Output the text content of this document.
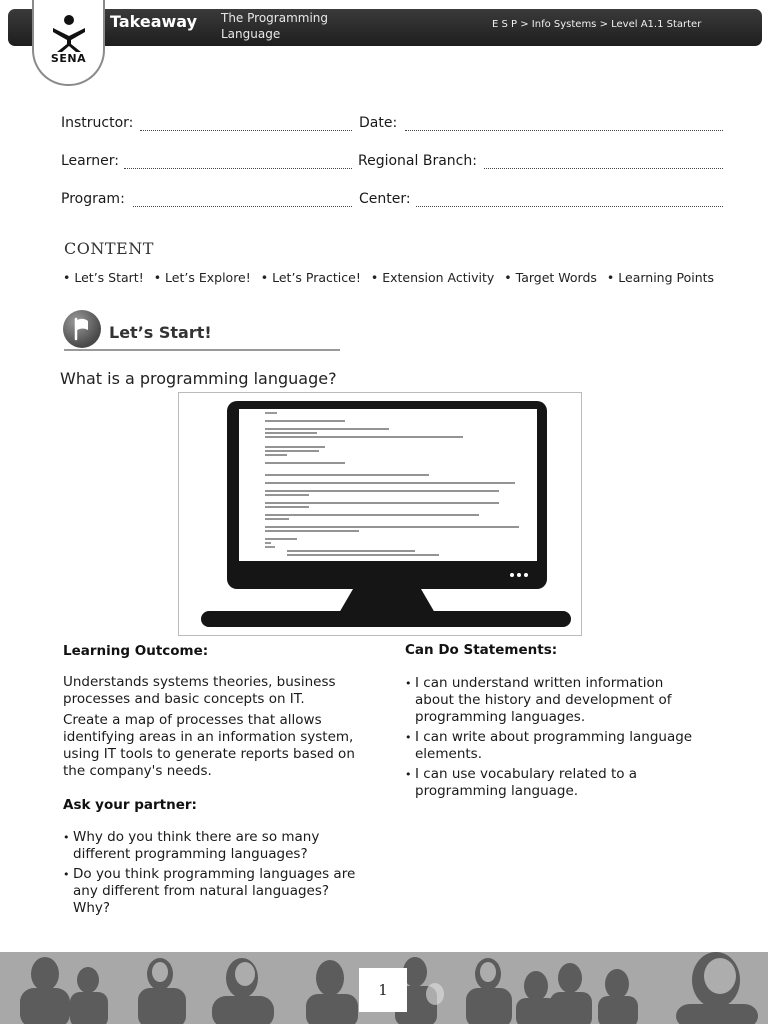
SENA
Takeaway The Programming Language
E S P > Info Systems > Level A1.1 Starter
Instructor:	Date:
Learner:	Regional Branch:
Program:	Center:
CONTENT
• Let’s Start! • Let’s Explore! • Let’s Practice! • Extension Activity • Target Words • Learning Points
Let’s Start!
What is a programming language?
Learning Outcome:
Understands systems theories, business processes and basic concepts on IT.
Create a map of processes that allows identifying areas in an information system, using IT tools to generate reports based on the company's needs.
Ask your partner:
• Why do you think there are so many different programming languages?
• Do you think programming languages are any different from natural languages? Why?
Can Do Statements:
• I can understand written information about the history and development of programming languages.
• I can write about programming language elements.
• I can use vocabulary related to a programming language.
1
